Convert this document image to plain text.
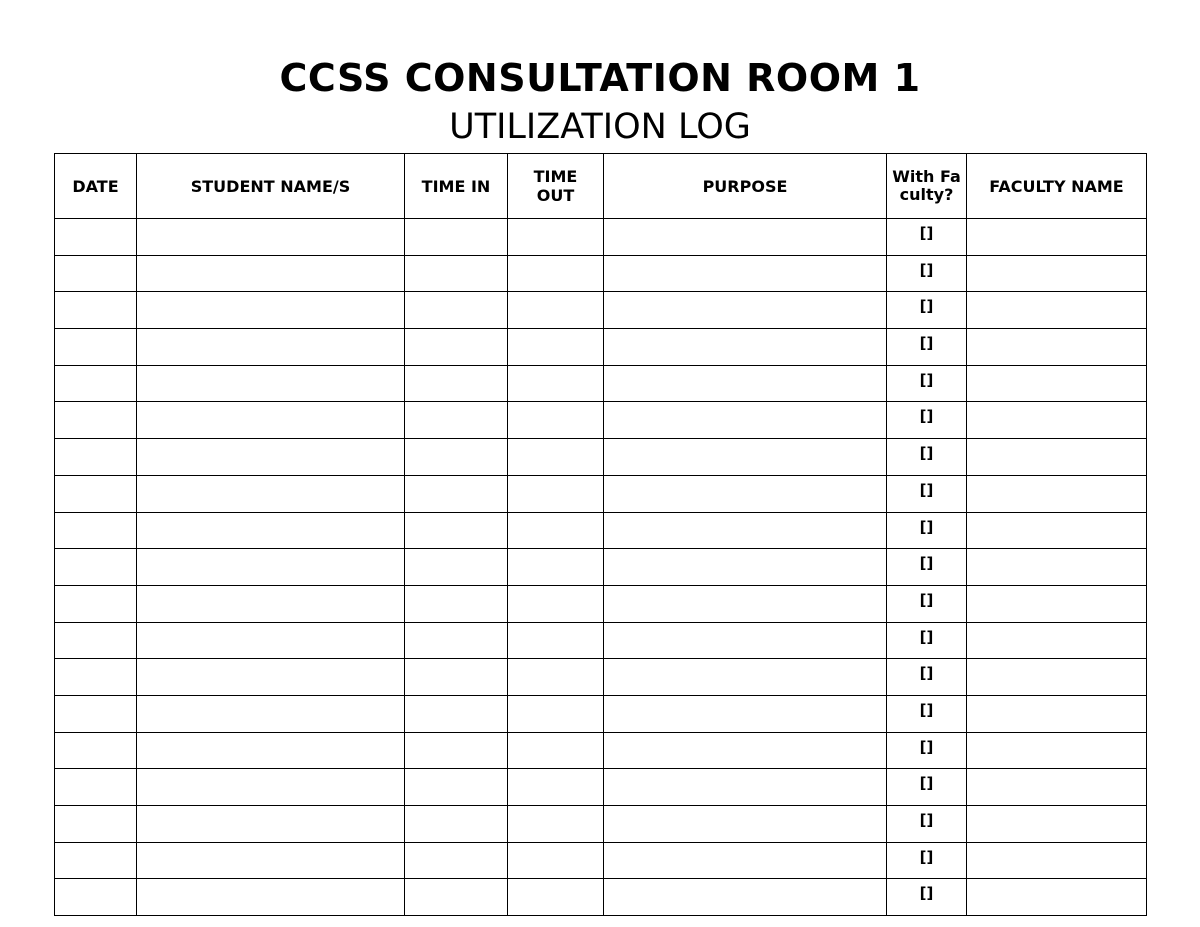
CCSS CONSULTATION ROOM 1
UTILIZATION LOG
DATE	STUDENT NAME/S	TIME IN	TIME OUT	PURPOSE	With Faculty?	FACULTY NAME
					[]	
					[]	
					[]	
					[]	
					[]	
					[]	
					[]	
					[]	
					[]	
					[]	
					[]	
					[]	
					[]	
					[]	
					[]	
					[]	
					[]	
					[]	
					[]	
